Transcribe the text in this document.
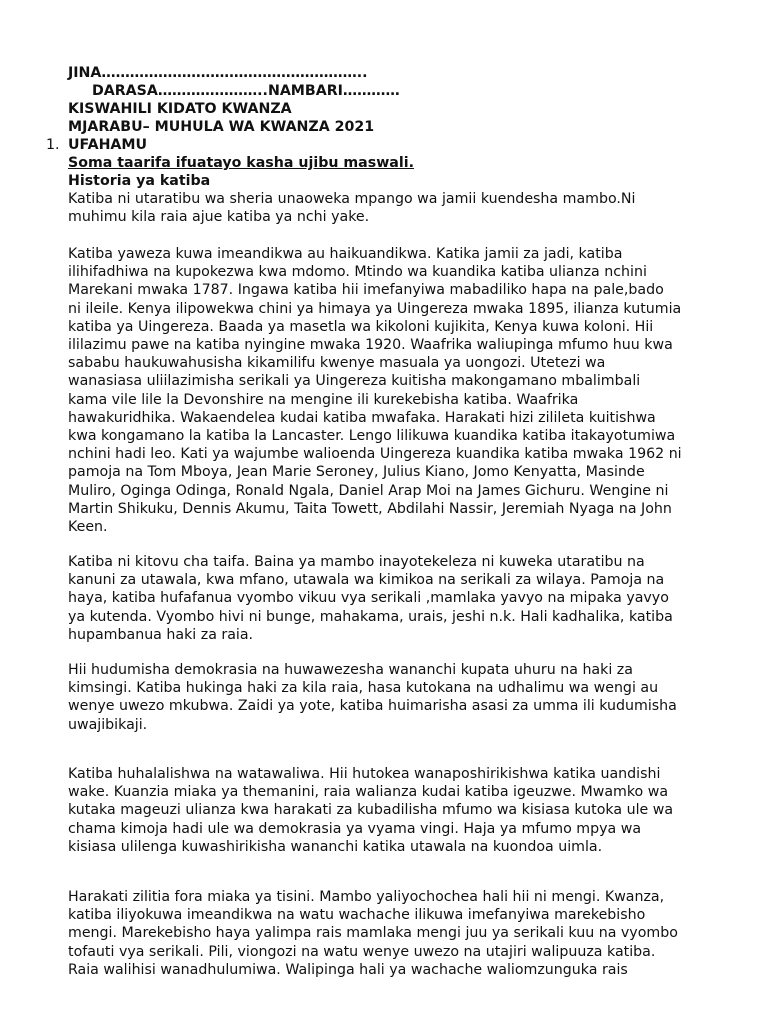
JINA………………………………………………..
DARASA…………………..NAMBARI…………
KISWAHILI KIDATO KWANZA
MJARABU– MUHULA WA KWANZA 2021
1. UFAHAMU
Soma taarifa ifuatayo kasha ujibu maswali.
Historia ya katiba

Katiba ni utaratibu wa sheria unaoweka mpango wa jamii kuendesha mambo.Ni

muhimu kila raia ajue katiba ya nchi yake.

Katiba yaweza kuwa imeandikwa au haikuandikwa. Katika jamii za jadi, katiba

ilihifadhiwa na kupokezwa kwa mdomo. Mtindo wa kuandika katiba ulianza nchini

Marekani mwaka 1787. Ingawa katiba hii imefanyiwa mabadiliko hapa na pale,bado

ni ileile. Kenya ilipowekwa chini ya himaya ya Uingereza mwaka 1895, ilianza kutumia

katiba ya Uingereza. Baada ya masetla wa kikoloni kujikita, Kenya kuwa koloni. Hii

ililazimu pawe na katiba nyingine mwaka 1920. Waafrika waliupinga mfumo huu kwa

sababu haukuwahusisha kikamilifu kwenye masuala ya uongozi. Utetezi wa

wanasiasa uliilazimisha serikali ya Uingereza kuitisha makongamano mbalimbali

kama vile lile la Devonshire na mengine ili kurekebisha katiba. Waafrika

hawakuridhika. Wakaendelea kudai katiba mwafaka. Harakati hizi zilileta kuitishwa

kwa kongamano la katiba la Lancaster. Lengo lilikuwa kuandika katiba itakayotumiwa

nchini hadi leo. Kati ya wajumbe walioenda Uingereza kuandika katiba mwaka 1962 ni

pamoja na Tom Mboya, Jean Marie Seroney, Julius Kiano, Jomo Kenyatta, Masinde

Muliro, Oginga Odinga, Ronald Ngala, Daniel Arap Moi na James Gichuru. Wengine ni

Martin Shikuku, Dennis Akumu, Taita Towett, Abdilahi Nassir, Jeremiah Nyaga na John

Keen.

Katiba ni kitovu cha taifa. Baina ya mambo inayotekeleza ni kuweka utaratibu na

kanuni za utawala, kwa mfano, utawala wa kimikoa na serikali za wilaya. Pamoja na

haya, katiba hufafanua vyombo vikuu vya serikali ,mamlaka yavyo na mipaka yavyo

ya kutenda. Vyombo hivi ni bunge, mahakama, urais, jeshi n.k. Hali kadhalika, katiba

hupambanua haki za raia.

Hii hudumisha demokrasia na huwawezesha wananchi kupata uhuru na haki za

kimsingi. Katiba hukinga haki za kila raia, hasa kutokana na udhalimu wa wengi au

wenye uwezo mkubwa. Zaidi ya yote, katiba huimarisha asasi za umma ili kudumisha

uwajibikaji.

Katiba huhalalishwa na watawaliwa. Hii hutokea wanaposhirikishwa katika uandishi

wake. Kuanzia miaka ya themanini, raia walianza kudai katiba igeuzwe. Mwamko wa

kutaka mageuzi ulianza kwa harakati za kubadilisha mfumo wa kisiasa kutoka ule wa

chama kimoja hadi ule wa demokrasia ya vyama vingi. Haja ya mfumo mpya wa

kisiasa ulilenga kuwashirikisha wananchi katika utawala na kuondoa uimla.

Harakati zilitia fora miaka ya tisini. Mambo yaliyochochea hali hii ni mengi. Kwanza,

katiba iliyokuwa imeandikwa na watu wachache ilikuwa imefanyiwa marekebisho

mengi. Marekebisho haya yalimpa rais mamlaka mengi juu ya serikali kuu na vyombo

tofauti vya serikali. Pili, viongozi na watu wenye uwezo na utajiri walipuuza katiba.

Raia walihisi wanadhulumiwa. Walipinga hali ya wachache waliomzunguka rais
